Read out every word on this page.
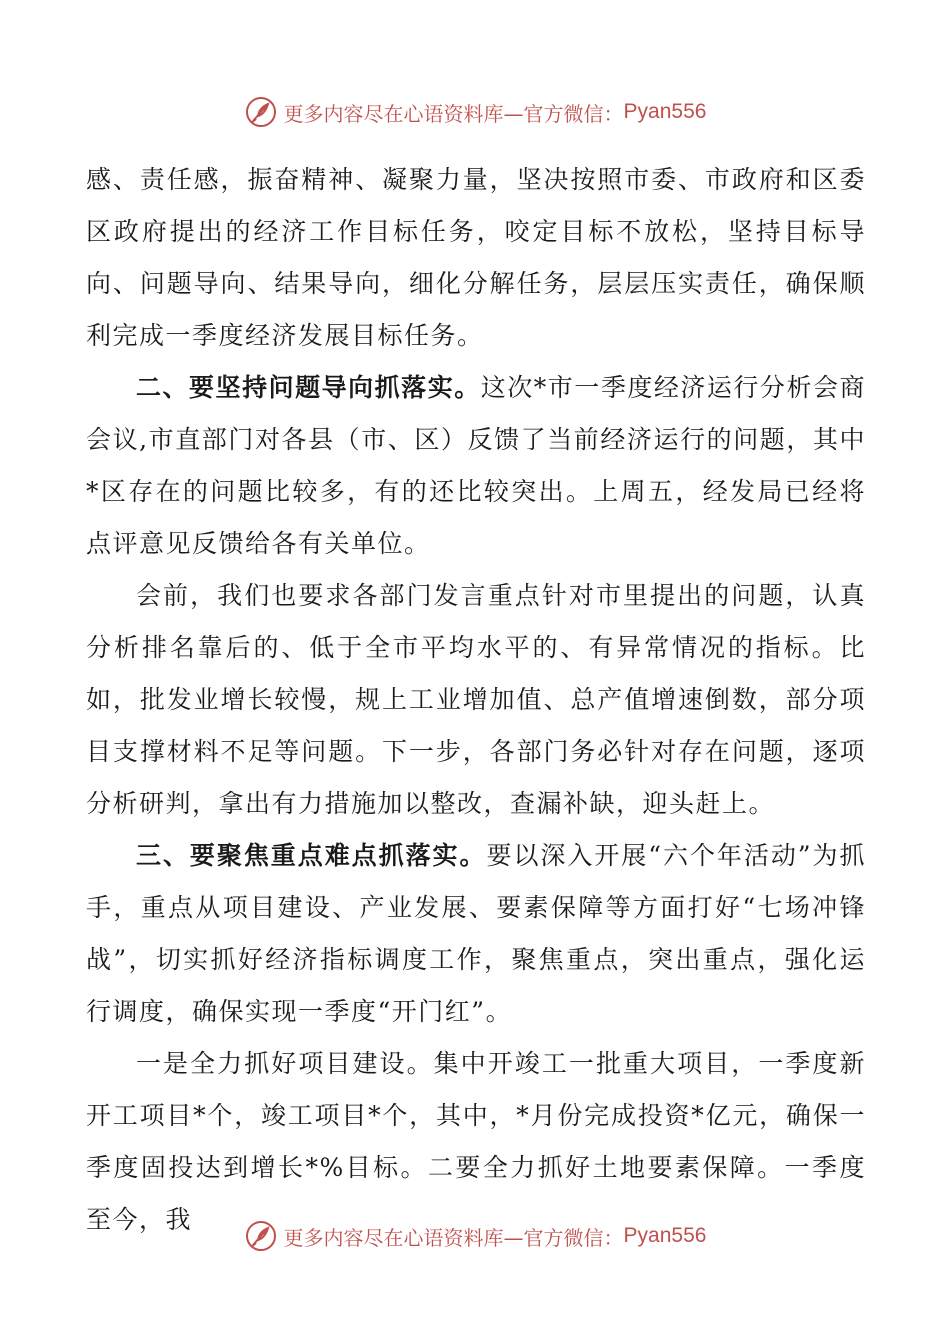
更多内容尽在心语资料库—官方微信： Pyan556

感、责任感，振奋精神、凝聚力量，坚决按照市委、市政府和区委区政府提出的经济工作目标任务，咬定目标不放松，坚持目标导向、问题导向、结果导向，细化分解任务，层层压实责任，确保顺利完成一季度经济发展目标任务。

二、要坚持问题导向抓落实。这次*市一季度经济运行分析会商会议,市直部门对各县（市、区）反馈了当前经济运行的问题，其中*区存在的问题比较多，有的还比较突出。上周五，经发局已经将点评意见反馈给各有关单位。

会前，我们也要求各部门发言重点针对市里提出的问题，认真分析排名靠后的、低于全市平均水平的、有异常情况的指标。比如，批发业增长较慢，规上工业增加值、总产值增速倒数，部分项目支撑材料不足等问题。下一步，各部门务必针对存在问题，逐项分析研判，拿出有力措施加以整改，查漏补缺，迎头赶上。

三、要聚焦重点难点抓落实。要以深入开展“六个年活动”为抓手，重点从项目建设、产业发展、要素保障等方面打好“七场冲锋战”，切实抓好经济指标调度工作，聚焦重点，突出重点，强化运行调度，确保实现一季度“开门红”。

一是全力抓好项目建设。集中开竣工一批重大项目，一季度新开工项目*个，竣工项目*个，其中，*月份完成投资*亿元，确保一季度固投达到增长*%目标。二要全力抓好土地要素保障。一季度至今，我

更多内容尽在心语资料库—官方微信： Pyan556
